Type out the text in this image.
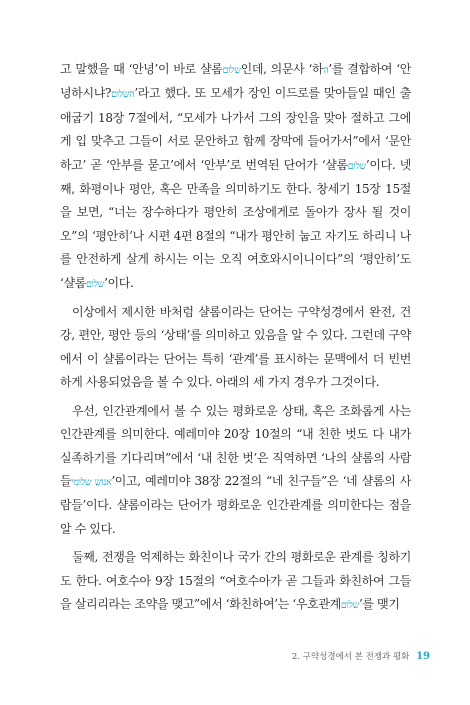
고 말했을 때 ‘안녕’이 바로 샬롬שלום인데, 의문사 ‘하ה’를 결합하여 ‘안녕하시냐?השלום’라고 했다. 또 모세가 장인 이드로를 맞아들일 때인 출애굽기 18장 7절에서, “모세가 나가서 그의 장인을 맞아 절하고 그에게 입 맞추고 그들이 서로 문안하고 함께 장막에 들어가서”에서 ‘문안하고’ 곧 ‘안부를 묻고’에서 ‘안부’로 번역된 단어가 ‘샬롬שלום’이다. 넷째, 화평이나 평안, 혹은 만족을 의미하기도 한다. 창세기 15장 15절을 보면, “너는 장수하다가 평안히 조상에게로 돌아가 장사 될 것이오”의 ‘평안히’나 시편 4편 8절의 “내가 평안히 눕고 자기도 하리니 나를 안전하게 살게 하시는 이는 오직 여호와시이니이다”의 ‘평안히’도 ‘샬롬שלום’이다.

이상에서 제시한 바처럼 샬롬이라는 단어는 구약성경에서 완전, 건강, 편안, 평안 등의 ‘상태’를 의미하고 있음을 알 수 있다. 그런데 구약에서 이 샬롬이라는 단어는 특히 ‘관계’를 표시하는 문맥에서 더 빈번하게 사용되었음을 볼 수 있다. 아래의 세 가지 경우가 그것이다.

우선, 인간관계에서 볼 수 있는 평화로운 상태, 혹은 조화롭게 사는 인간관계를 의미한다. 예레미야 20장 10절의 “내 친한 벗도 다 내가 실족하기를 기다리며”에서 ‘내 친한 벗’은 직역하면 ‘나의 샬롬의 사람들אנוש שלומי’이고, 예레미야 38장 22절의 “네 친구들”은 ‘네 샬롬의 사람들’이다. 샬롬이라는 단어가 평화로운 인간관계를 의미한다는 점을 알 수 있다.

둘째, 전쟁을 억제하는 화친이나 국가 간의 평화로운 관계를 칭하기도 한다. 여호수아 9장 15절의 “여호수아가 곧 그들과 화친하여 그들을 살리리라는 조약을 맺고”에서 ‘화친하여’는 ‘우호관계שלום’를 맺기

2. 구약성경에서 본 전쟁과 평화 19
